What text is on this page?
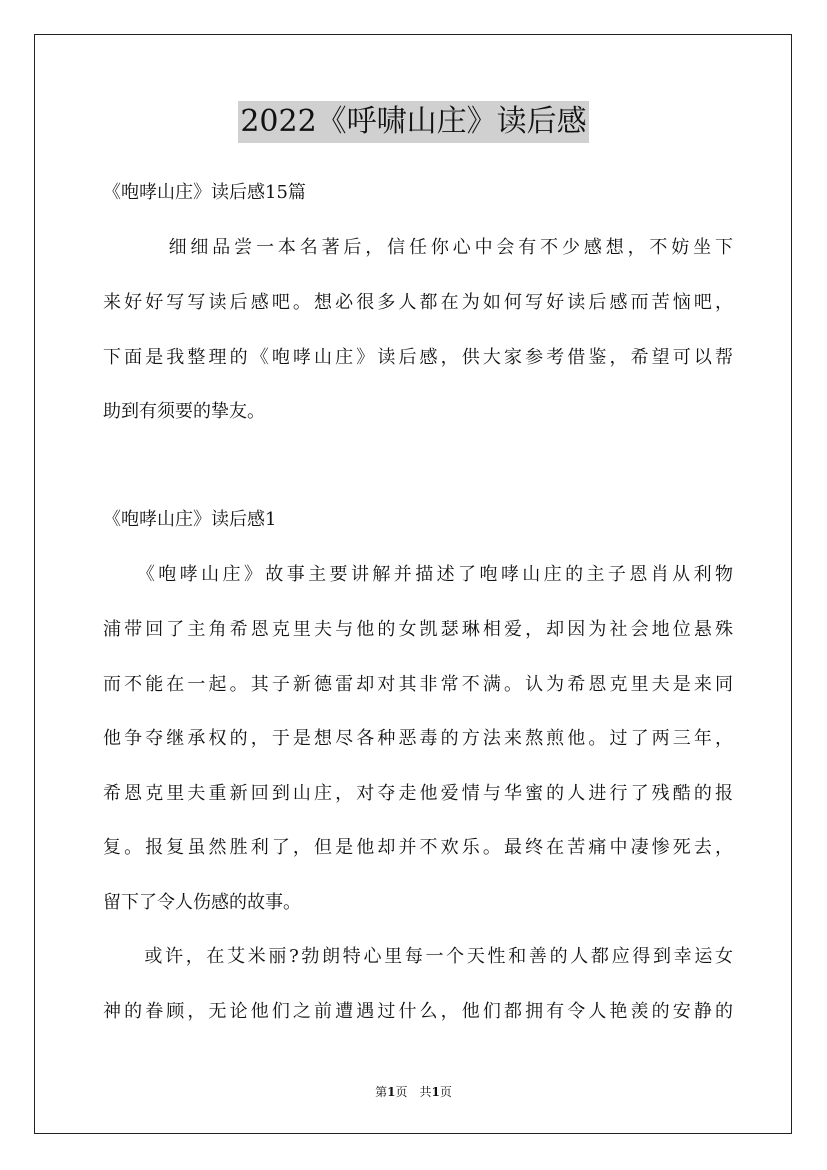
2022《呼啸山庄》读后感
《咆哮山庄》读后感15篇
　　　细细品尝一本名著后，信任你心中会有不少感想，不妨坐下
来好好写写读后感吧。想必很多人都在为如何写好读后感而苦恼吧，
下面是我整理的《咆哮山庄》读后感，供大家参考借鉴，希望可以帮
助到有须要的挚友。
《咆哮山庄》读后感1
　　《咆哮山庄》故事主要讲解并描述了咆哮山庄的主子恩肖从利物
浦带回了主角希恩克里夫与他的女凯瑟琳相爱，却因为社会地位悬殊
而不能在一起。其子新德雷却对其非常不满。认为希恩克里夫是来同
他争夺继承权的，于是想尽各种恶毒的方法来熬煎他。过了两三年，
希恩克里夫重新回到山庄，对夺走他爱情与华蜜的人进行了残酷的报
复。报复虽然胜利了，但是他却并不欢乐。最终在苦痛中凄惨死去，
留下了令人伤感的故事。
　　或许，在艾米丽?勃朗特心里每一个天性和善的人都应得到幸运女
神的眷顾，无论他们之前遭遇过什么，他们都拥有令人艳羡的安静的
第1页　共1页
